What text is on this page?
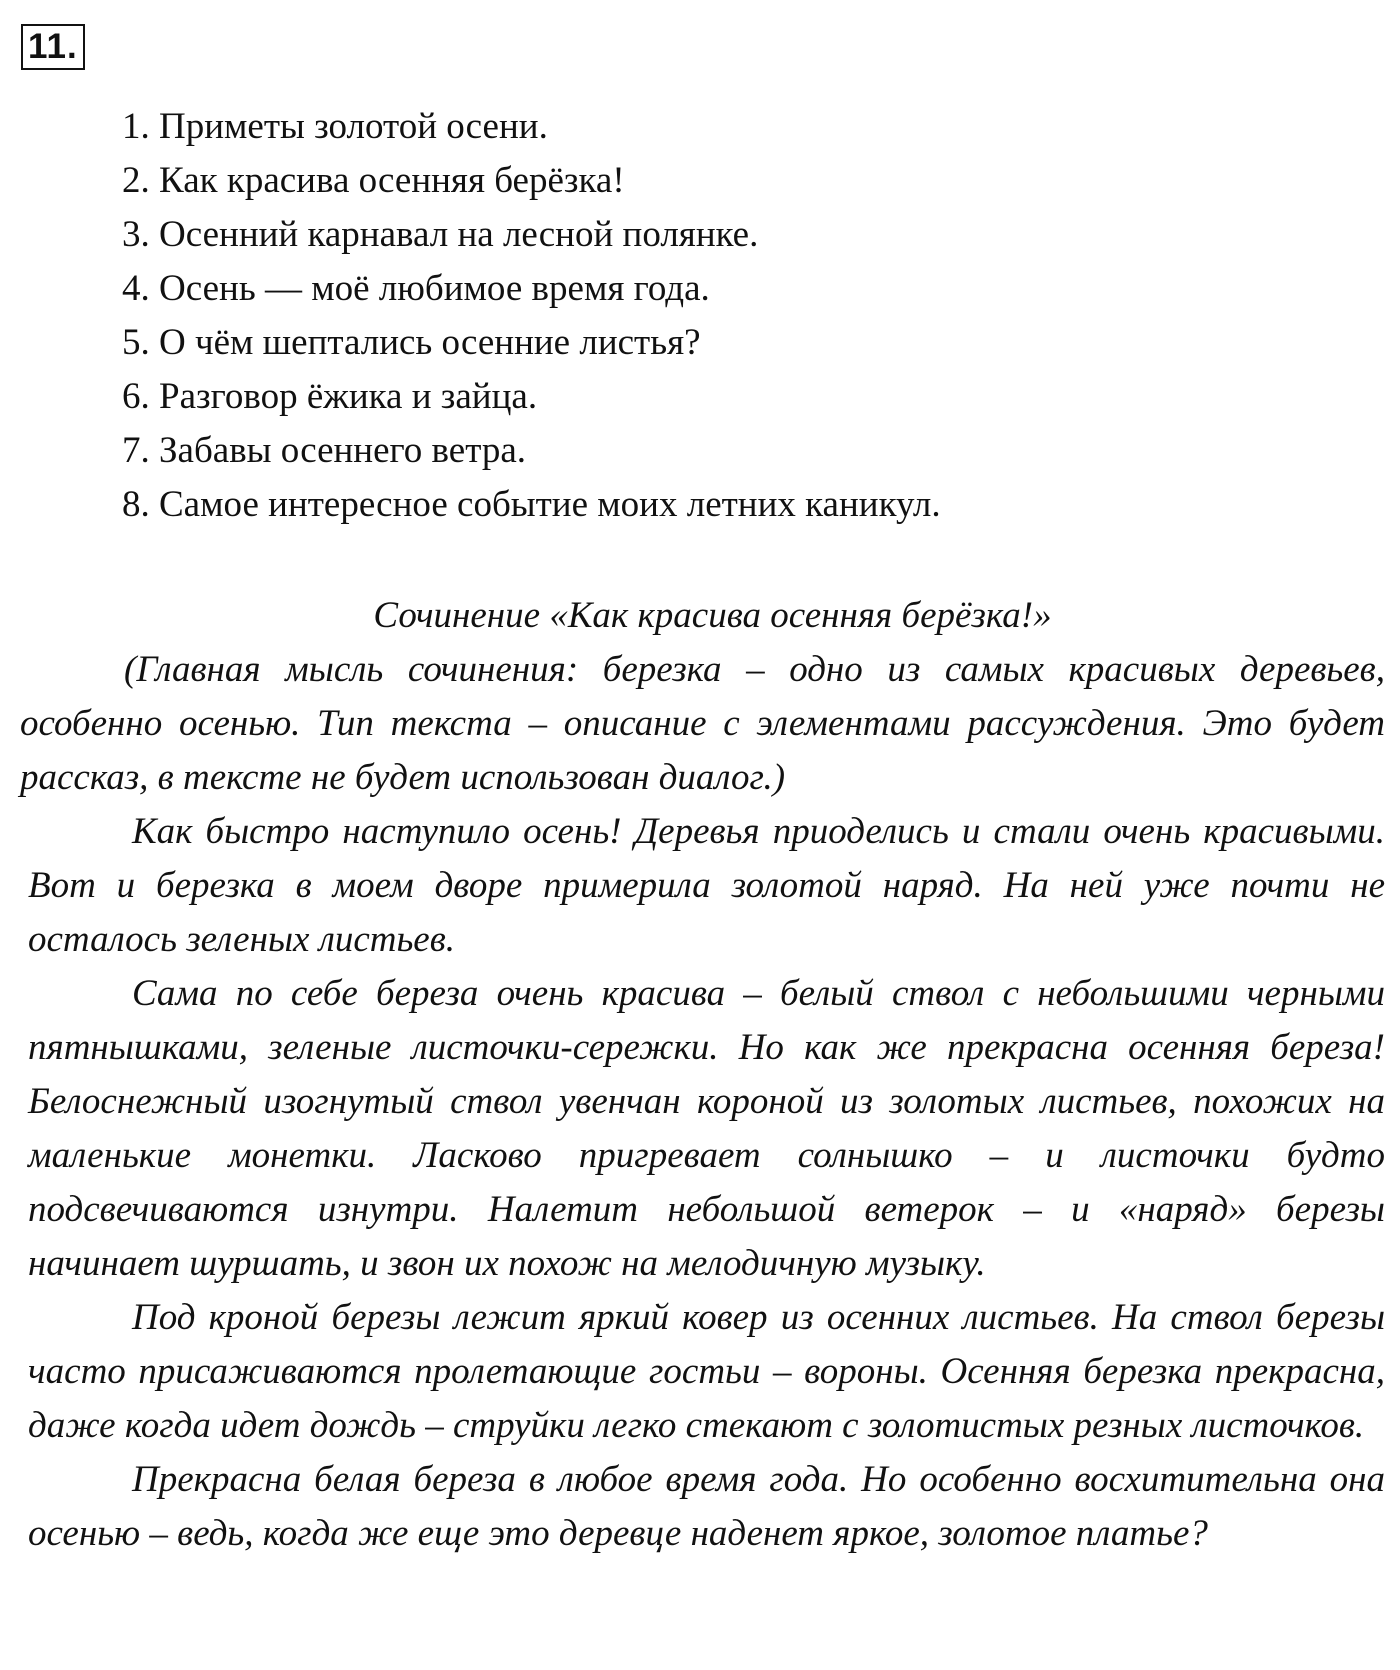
11.
1. Приметы золотой осени.
2. Как красива осенняя берёзка!
3. Осенний карнавал на лесной полянке.
4. Осень — моё любимое время года.
5. О чём шептались осенние листья?
6. Разговор ёжика и зайца.
7. Забавы осеннего ветра.
8. Самое интересное событие моих летних каникул.
Сочинение «Как красива осенняя берёзка!»

(Главная мысль сочинения: березка – одно из самых красивых деревьев, особенно осенью. Тип текста – описание с элементами рассуждения. Это будет рассказ, в тексте не будет использован диалог.)

Как быстро наступило осень! Деревья приоделись и стали очень красивыми. Вот и березка в моем дворе примерила золотой наряд. На ней уже почти не осталось зеленых листьев.

Сама по себе береза очень красива – белый ствол с небольшими черными пятнышками, зеленые листочки-сережки. Но как же прекрасна осенняя береза! Белоснежный изогнутый ствол увенчан короной из золотых листьев, похожих на маленькие монетки. Ласково пригревает солнышко – и листочки будто подсвечиваются изнутри. Налетит небольшой ветерок – и «наряд» березы начинает шуршать, и звон их похож на мелодичную музыку.

Под кроной березы лежит яркий ковер из осенних листьев. На ствол березы часто присаживаются пролетающие гостьи – вороны. Осенняя березка прекрасна, даже когда идет дождь – струйки легко стекают с золотистых резных листочков.

Прекрасна белая береза в любое время года. Но особенно восхитительна она осенью – ведь, когда же еще это деревце наденет яркое, золотое платье?
